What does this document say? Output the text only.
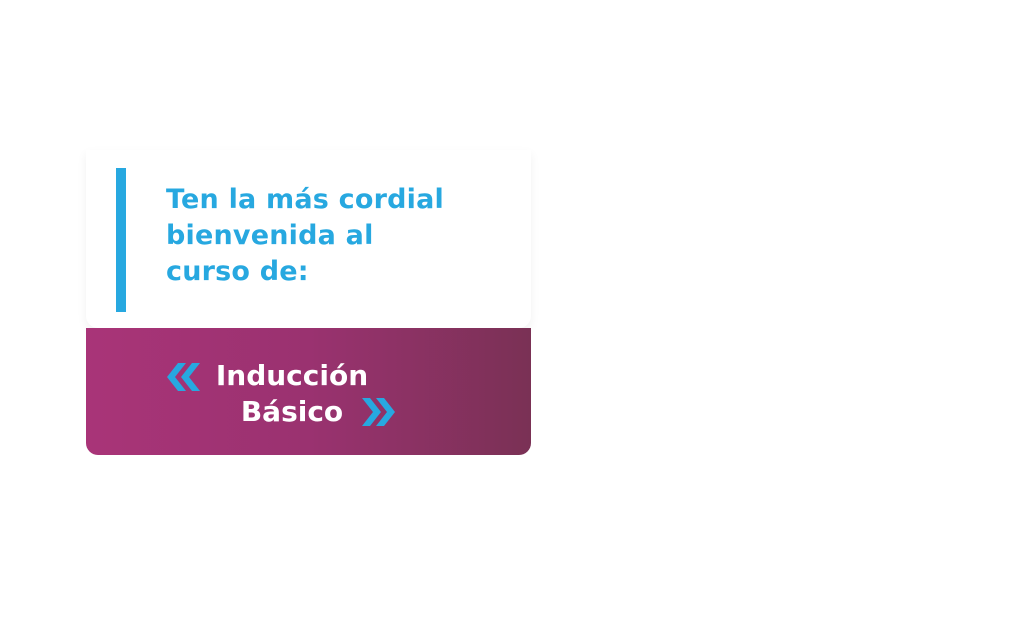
Ten la más cordial
bienvenida al
curso de:
Inducción
Básico
